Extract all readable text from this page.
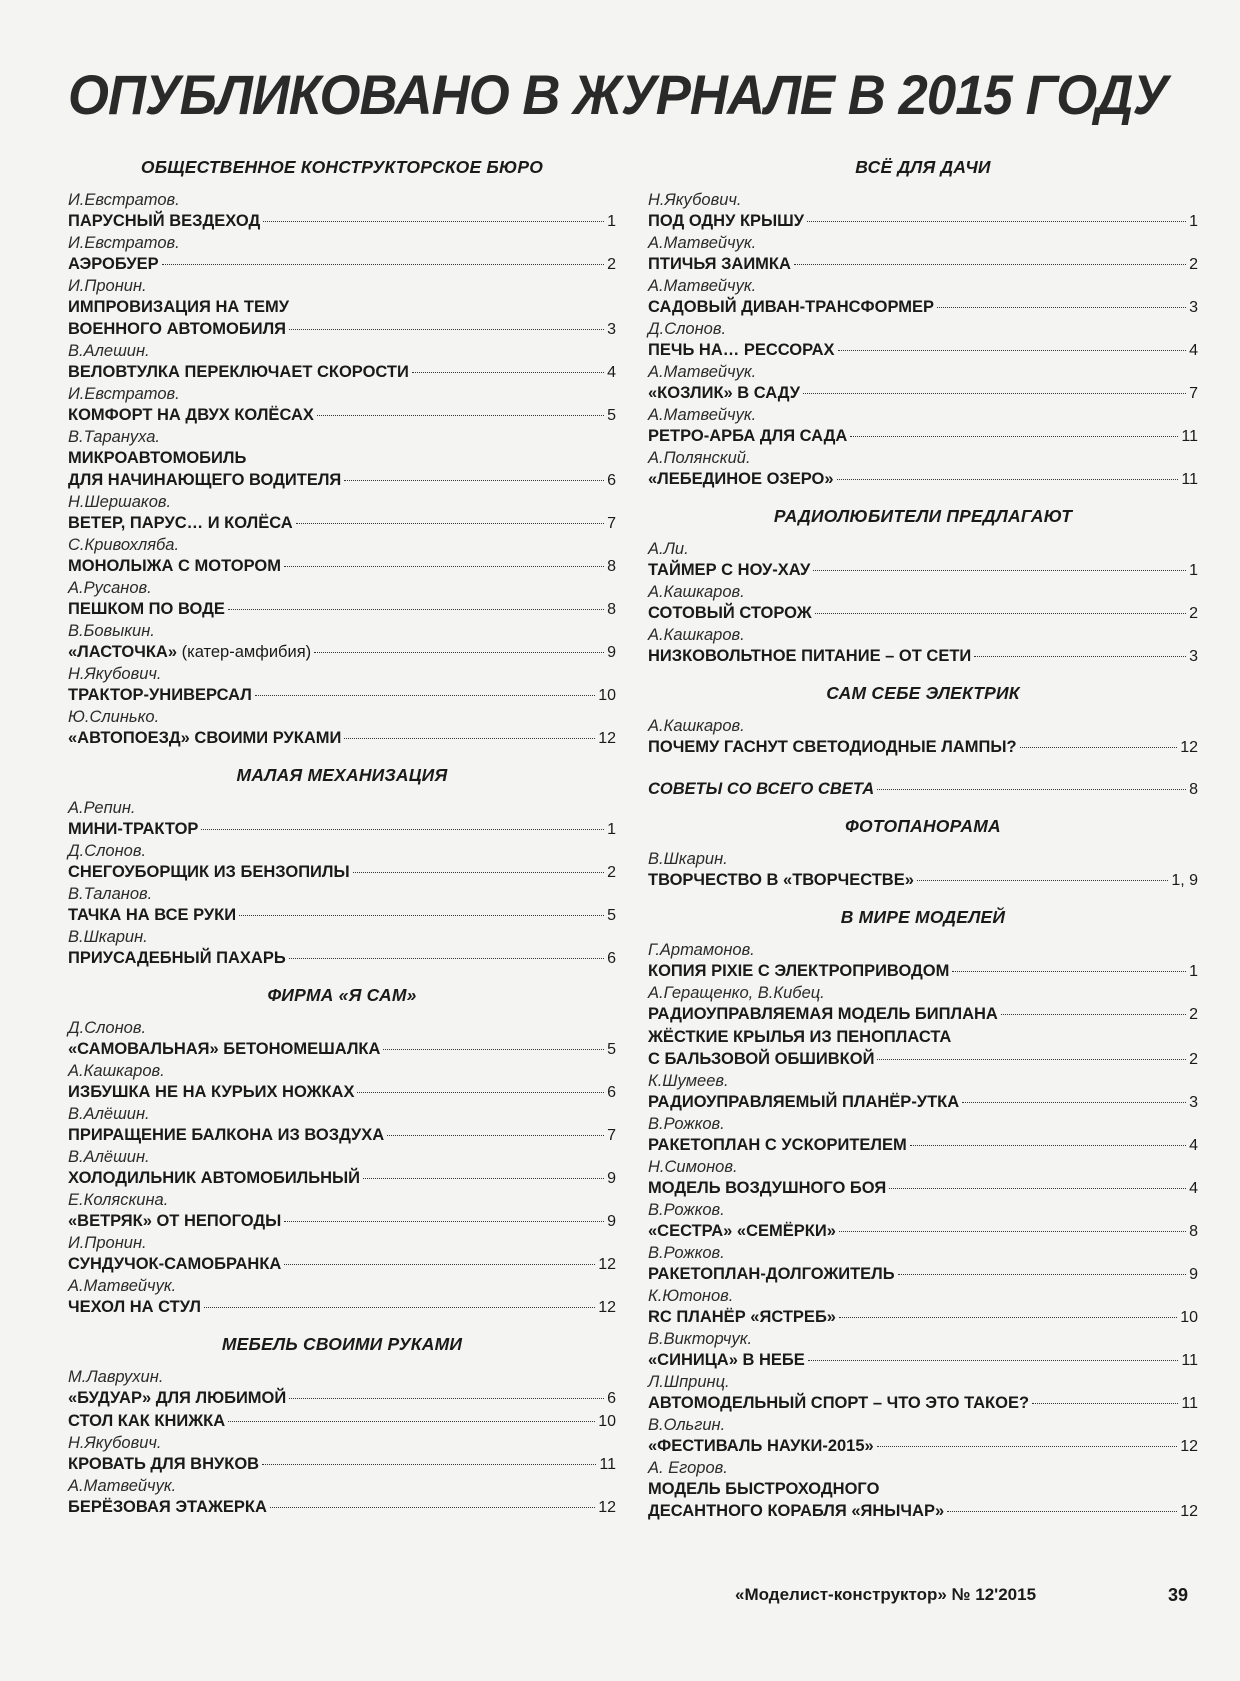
ОПУБЛИКОВАНО В ЖУРНАЛЕ В 2015 ГОДУ
ОБЩЕСТВЕННОЕ КОНСТРУКТОРСКОЕ БЮРО
И.Евстратов.
ПАРУСНЫЙ ВЕЗДЕХОД	1
И.Евстратов.
АЭРОБУЕР	2
И.Пронин.
ИМПРОВИЗАЦИЯ НА ТЕМУ
ВОЕННОГО АВТОМОБИЛЯ	3
В.Алешин.
ВЕЛОВТУЛКА ПЕРЕКЛЮЧАЕТ СКОРОСТИ	4
И.Евстратов.
КОМФОРТ НА ДВУХ КОЛЁСАХ	5
В.Тарануха.
МИКРОАВТОМОБИЛЬ
ДЛЯ НАЧИНАЮЩЕГО ВОДИТЕЛЯ	6
Н.Шершаков.
ВЕТЕР, ПАРУС… И КОЛЁСА	7
С.Кривохляба.
МОНОЛЫЖА С МОТОРОМ	8
А.Русанов.
ПЕШКОМ ПО ВОДЕ	8
В.Бовыкин.
«ЛАСТОЧКА» (катер-амфибия)	9
Н.Якубович.
ТРАКТОР-УНИВЕРСАЛ	10
Ю.Слинько.
«АВТОПОЕЗД» СВОИМИ РУКАМИ	12
МАЛАЯ МЕХАНИЗАЦИЯ
А.Репин.
МИНИ-ТРАКТОР	1
Д.Слонов.
СНЕГОУБОРЩИК ИЗ БЕНЗОПИЛЫ	2
В.Таланов.
ТАЧКА НА ВСЕ РУКИ	5
В.Шкарин.
ПРИУСАДЕБНЫЙ ПАХАРЬ	6
ФИРМА «Я САМ»
Д.Слонов.
«САМОВАЛЬНАЯ» БЕТОНОМЕШАЛКА	5
А.Кашкаров.
ИЗБУШКА НЕ НА КУРЬИХ НОЖКАХ	6
В.Алёшин.
ПРИРАЩЕНИЕ БАЛКОНА ИЗ ВОЗДУХА	7
В.Алёшин.
ХОЛОДИЛЬНИК АВТОМОБИЛЬНЫЙ	9
Е.Коляскина.
«ВЕТРЯК» ОТ НЕПОГОДЫ	9
И.Пронин.
СУНДУЧОК-САМОБРАНКА	12
А.Матвейчук.
ЧЕХОЛ НА СТУЛ	12
МЕБЕЛЬ СВОИМИ РУКАМИ
М.Лаврухин.
«БУДУАР» ДЛЯ ЛЮБИМОЙ	6
СТОЛ КАК КНИЖКА	10
Н.Якубович.
КРОВАТЬ ДЛЯ ВНУКОВ	11
А.Матвейчук.
БЕРЁЗОВАЯ ЭТАЖЕРКА	12
ВСЁ ДЛЯ ДАЧИ
Н.Якубович.
ПОД ОДНУ КРЫШУ	1
А.Матвейчук.
ПТИЧЬЯ ЗАИМКА	2
А.Матвейчук.
САДОВЫЙ ДИВАН-ТРАНСФОРМЕР	3
Д.Слонов.
ПЕЧЬ НА… РЕССОРАХ	4
А.Матвейчук.
«КОЗЛИК» В САДУ	7
А.Матвейчук.
РЕТРО-АРБА ДЛЯ САДА	11
А.Полянский.
«ЛЕБЕДИНОЕ ОЗЕРО»	11
РАДИОЛЮБИТЕЛИ ПРЕДЛАГАЮТ
А.Ли.
ТАЙМЕР С НОУ-ХАУ	1
А.Кашкаров.
СОТОВЫЙ СТОРОЖ	2
А.Кашкаров.
НИЗКОВОЛЬТНОЕ ПИТАНИЕ – ОТ СЕТИ	3
САМ СЕБЕ ЭЛЕКТРИК
А.Кашкаров.
ПОЧЕМУ ГАСНУТ СВЕТОДИОДНЫЕ ЛАМПЫ?	12
СОВЕТЫ СО ВСЕГО СВЕТА	8
ФОТОПАНОРАМА
В.Шкарин.
ТВОРЧЕСТВО В «ТВОРЧЕСТВЕ»	1, 9
В МИРЕ МОДЕЛЕЙ
Г.Артамонов.
КОПИЯ PIXIE С ЭЛЕКТРОПРИВОДОМ	1
А.Геращенко, В.Кибец.
РАДИОУПРАВЛЯЕМАЯ МОДЕЛЬ БИПЛАНА	2
ЖЁСТКИЕ КРЫЛЬЯ ИЗ ПЕНОПЛАСТА
С БАЛЬЗОВОЙ ОБШИВКОЙ	2
К.Шумеев.
РАДИОУПРАВЛЯЕМЫЙ ПЛАНЁР-УТКА	3
В.Рожков.
РАКЕТОПЛАН С УСКОРИТЕЛЕМ	4
Н.Симонов.
МОДЕЛЬ ВОЗДУШНОГО БОЯ	4
В.Рожков.
«СЕСТРА» «СЕМЁРКИ»	8
В.Рожков.
РАКЕТОПЛАН-ДОЛГОЖИТЕЛЬ	9
К.Ютонов.
RC ПЛАНЁР «ЯСТРЕБ»	10
В.Викторчук.
«СИНИЦА» В НЕБЕ	11
Л.Шпринц.
АВТОМОДЕЛЬНЫЙ СПОРТ – ЧТО ЭТО ТАКОЕ?	11
В.Ольгин.
«ФЕСТИВАЛЬ НАУКИ-2015»	12
А. Егоров.
МОДЕЛЬ БЫСТРОХОДНОГО
ДЕСАНТНОГО КОРАБЛЯ «ЯНЫЧАР»	12
«Моделист-конструктор» № 12'2015	39
